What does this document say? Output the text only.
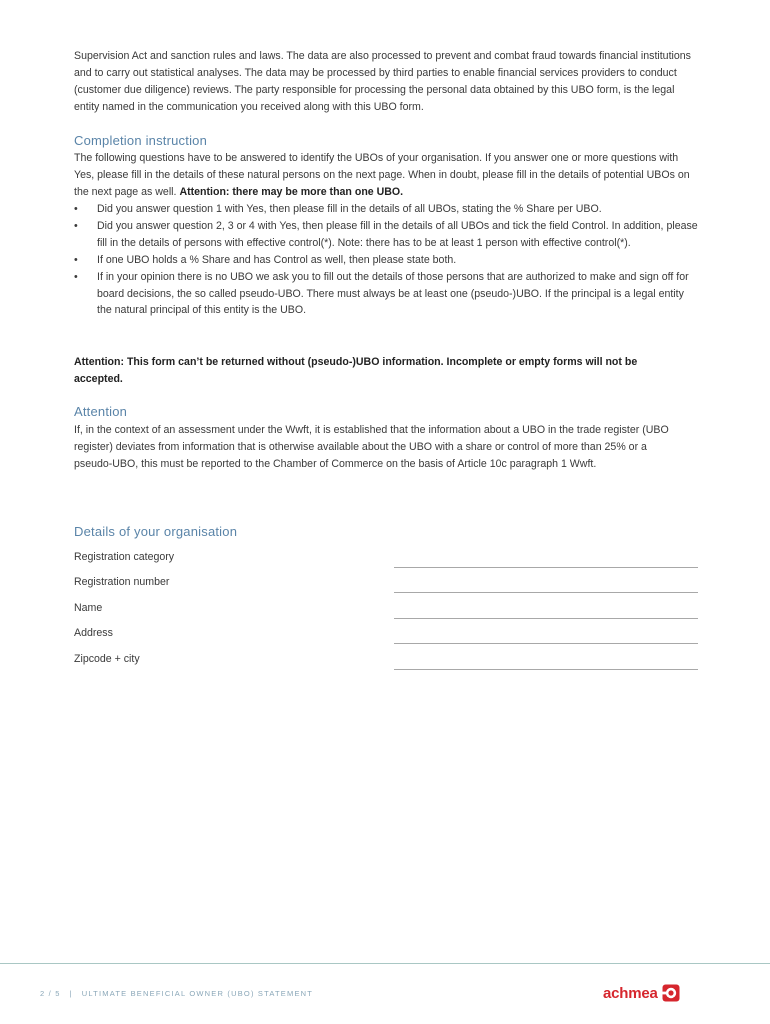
Supervision Act and sanction rules and laws. The data are also processed to prevent and combat fraud towards financial institutions and to carry out statistical analyses. The data may be processed by third parties to enable financial services providers to conduct (customer due diligence) reviews. The party responsible for processing the personal data obtained by this UBO form, is the legal entity named in the communication you received along with this UBO form.
Completion instruction
The following questions have to be answered to identify the UBOs of your organisation. If you answer one or more questions with Yes, please fill in the details of these natural persons on the next page. When in doubt, please fill in the details of potential UBOs on the next page as well. Attention: there may be more than one UBO.
• Did you answer question 1 with Yes, then please fill in the details of all UBOs, stating the % Share per UBO.
• Did you answer question 2, 3 or 4 with Yes, then please fill in the details of all UBOs and tick the field Control. In addition, please fill in the details of persons with effective control(*). Note: there has to be at least 1 person with effective control(*).
• If one UBO holds a % Share and has Control as well, then please state both.
• If in your opinion there is no UBO we ask you to fill out the details of those persons that are authorized to make and sign off for board decisions, the so called pseudo-UBO. There must always be at least one (pseudo-)UBO. If the principal is a legal entity the natural principal of this entity is the UBO.
Attention: This form can’t be returned without (pseudo-)UBO information. Incomplete or empty forms will not be accepted.
Attention
If, in the context of an assessment under the Wwft, it is established that the information about a UBO in the trade register (UBO register) deviates from information that is otherwise available about the UBO with a share or control of more than 25% or a pseudo-UBO, this must be reported to the Chamber of Commerce on the basis of Article 10c paragraph 1 Wwft.
Details of your organisation
Registration category
Registration number
Name
Address
Zipcode + city
2 / 5 | ULTIMATE BENEFICIAL OWNER (UBO) STATEMENT	achmea
